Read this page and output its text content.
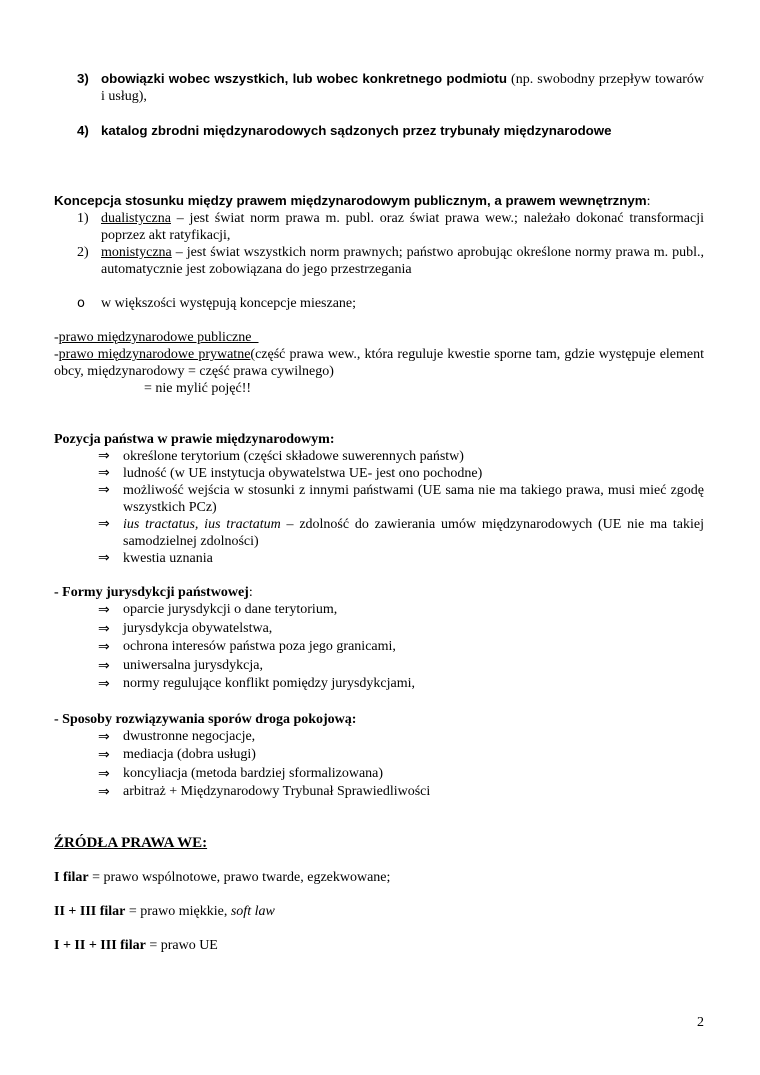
3) obowiązki wobec wszystkich, lub wobec konkretnego podmiotu (np. swobodny przepływ towarów i usług),
4) katalog zbrodni międzynarodowych sądzonych przez trybunały międzynarodowe
Koncepcja stosunku między prawem międzynarodowym publicznym, a prawem wewnętrznym:
1) dualistyczna – jest świat norm prawa m. publ. oraz świat prawa wew.; należało dokonać transformacji poprzez akt ratyfikacji,
2) monistyczna – jest świat wszystkich norm prawnych; państwo aprobując określone normy prawa m. publ., automatycznie jest zobowiązana do jego przestrzegania
o w większości występują koncepcje mieszane;
-prawo międzynarodowe publiczne
-prawo międzynarodowe prywatne(część prawa wew., która reguluje kwestie sporne tam, gdzie występuje element obcy, międzynarodowy = część prawa cywilnego)
= nie mylić pojęć!!
Pozycja państwa w prawie międzynarodowym:
⇒ określone terytorium (części składowe suwerennych państw)
⇒ ludność (w UE instytucja obywatelstwa UE- jest ono pochodne)
⇒ możliwość wejścia w stosunki z innymi państwami (UE sama nie ma takiego prawa, musi mieć zgodę wszystkich PCz)
⇒ ius tractatus, ius tractatum – zdolność do zawierania umów międzynarodowych (UE nie ma takiej samodzielnej zdolności)
⇒ kwestia uznania
- Formy jurysdykcji państwowej:
⇒ oparcie jurysdykcji o dane terytorium,
⇒ jurysdykcja obywatelstwa,
⇒ ochrona interesów państwa poza jego granicami,
⇒ uniwersalna jurysdykcja,
⇒ normy regulujące konflikt pomiędzy jurysdykcjami,
- Sposoby rozwiązywania sporów droga pokojową:
⇒ dwustronne negocjacje,
⇒ mediacja (dobra usługi)
⇒ koncyliacja (metoda bardziej sformalizowana)
⇒ arbitraż + Międzynarodowy Trybunał Sprawiedliwości
ŹRÓDŁA PRAWA WE:
I filar = prawo wspólnotowe, prawo twarde, egzekwowane;
II + III filar = prawo miękkie, soft law
I + II + III filar = prawo UE
2
